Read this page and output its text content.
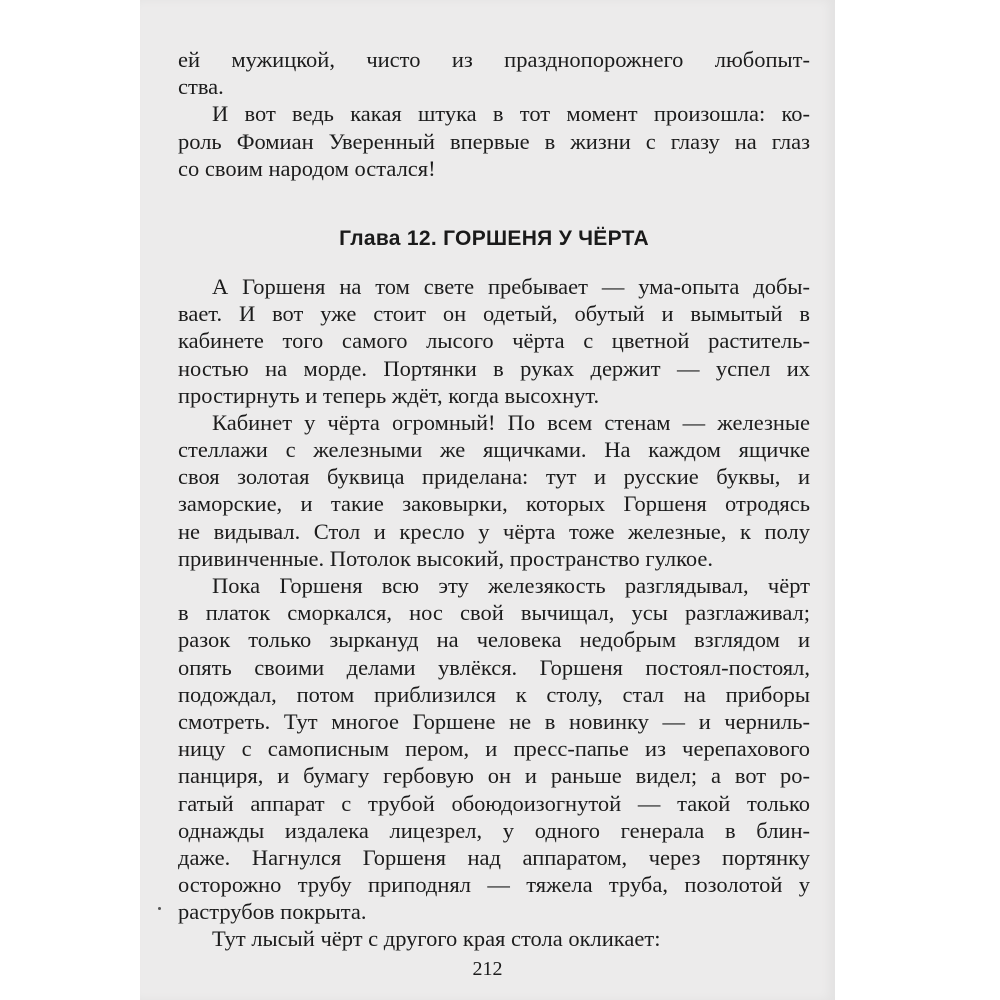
ей мужицкой, чисто из празднопорожнего любопыт-
ства.
И вот ведь какая штука в тот момент произошла: ко-
роль Фомиан Уверенный впервые в жизни с глазу на глаз
со своим народом остался!
Глава 12. ГОРШЕНЯ У ЧЁРТА
А Горшеня на том свете пребывает — ума-опыта добы-
вает. И вот уже стоит он одетый, обутый и вымытый в
кабинете того самого лысого чёрта с цветной раститель-
ностью на морде. Портянки в руках держит — успел их
простирнуть и теперь ждёт, когда высохнут.
Кабинет у чёрта огромный! По всем стенам — железные
стеллажи с железными же ящичками. На каждом ящичке
своя золотая буквица приделана: тут и русские буквы, и
заморские, и такие заковырки, которых Горшеня отродясь
не видывал. Стол и кресло у чёрта тоже железные, к полу
привинченные. Потолок высокий, пространство гулкое.
Пока Горшеня всю эту железякость разглядывал, чёрт
в платок сморкался, нос свой вычищал, усы разглаживал;
разок только зыркануд на человека недобрым взглядом и
опять своими делами увлёкся. Горшеня постоял-постоял,
подождал, потом приблизился к столу, стал на приборы
смотреть. Тут многое Горшене не в новинку — и черниль-
ницу с самописным пером, и пресс-папье из черепахового
панциря, и бумагу гербовую он и раньше видел; а вот ро-
гатый аппарат с трубой обоюдоизогнутой — такой только
однажды издалека лицезрел, у одного генерала в блин-
даже. Нагнулся Горшеня над аппаратом, через портянку
осторожно трубу приподнял — тяжела труба, позолотой у
раструбов покрыта.
Тут лысый чёрт с другого края стола окликает:
212
